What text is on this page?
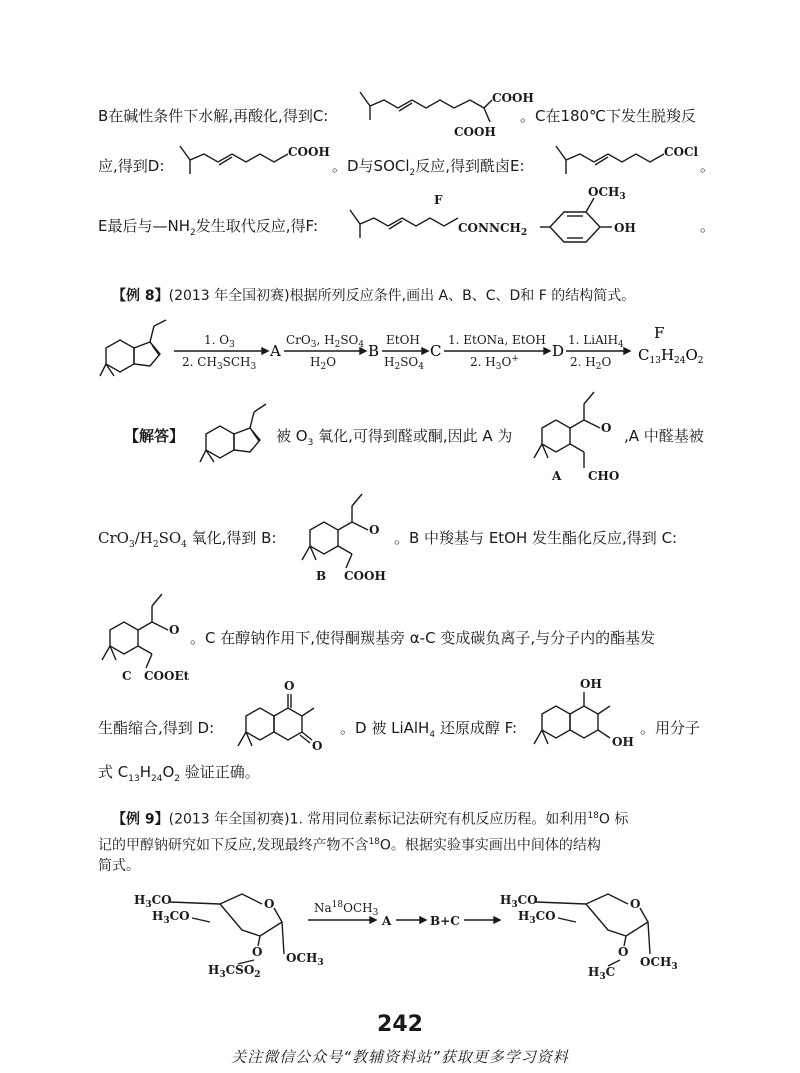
B在碱性条件下水解,再酸化,得到C:
COOH
COOH
。C在180℃下发生脱羧反
应,得到D:
COOH
。D与SOCl$_2$反应,得到酰卤E:
COCl
。
E最后与$—NH_2$发生取代反应,得F:
F
$CONNCH_2$
$OCH_3$
OH	。
【例 8】(2013 年全国初赛)根据所列反应条件,画出 A、B、C、D和 F 的结构简式。
1. $O_3$
2. $CH_3SCH_3$
A
CrO$_3$, $H_2SO_4$
$H_2O$
B
EtOH
$H_2SO_4$
C
1. EtONa, EtOH
2. $H_3O^+$ D
1. LiAlH$_4$
2. $H_2O$
F
$C_{13}H_{24}O_2$
【解答】	被 $O_3$ 氧化,可得到醛或酮,因此 A 为	O
A CHO
,A 中醛基被
$CrO_3/H_2SO_4$ 氧化,得到 B:	O
B COOH
。B 中羧基与 EtOH 发生酯化反应,得到 C:
O
C COOEt
。C 在醇钠作用下,使得酮羰基旁 α-C 变成碳负离子,与分子内的酯基发
生酯缩合,得到 D:
O
O
。D 被 LiAlH$_4$ 还原成醇 F:
OH
OH
。用分子
式 $C_{13}H_{24}O_2$ 验证正确。
【例 9】(2013 年全国初赛)1. 常用同位素标记法研究有机反应历程。如利用$^{18}$O 标
记的甲醇钠研究如下反应,发现最终产物不含$^{18}$O。根据实验事实画出中间体的结构
简式。
$H_3CO$
$H_3CO$
O
$OCH_3$
O
$H_3CSO_2$
$Na^{18}OCH_3$
A	B+C
$H_3CO$
$H_3CO$
O
$OCH_3$
O
$H_3C$
242
关注微信公众号“教辅资料站”获取更多学习资料
